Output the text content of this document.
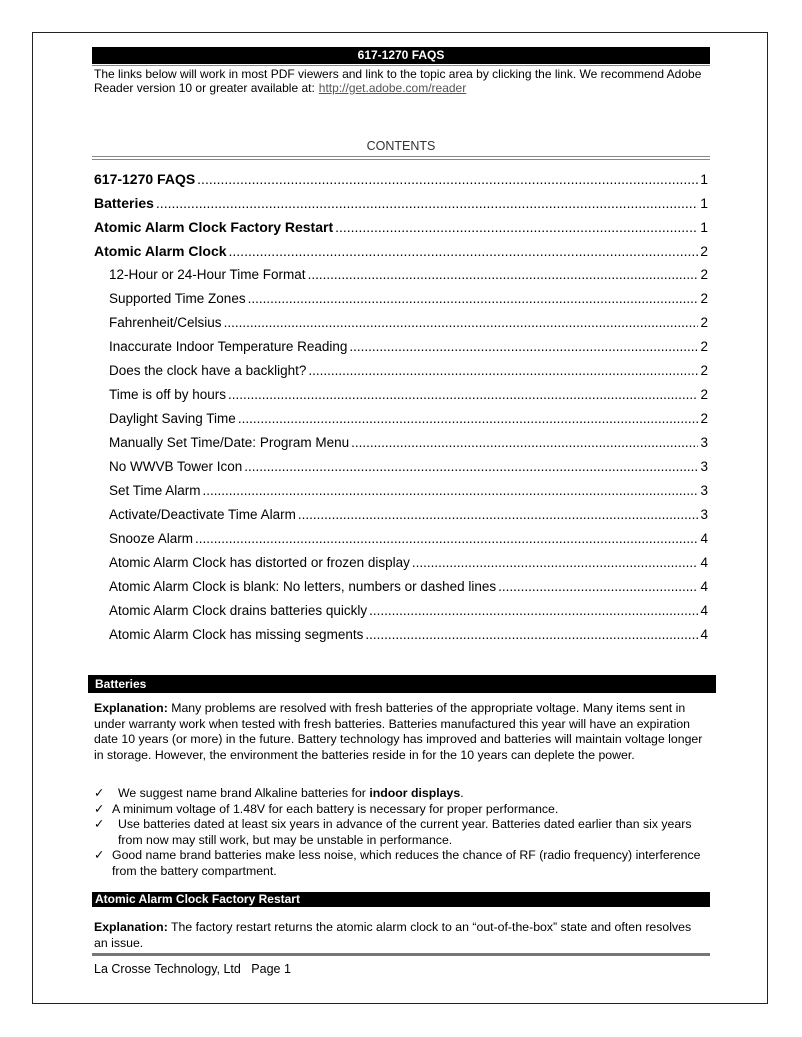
617-1270 FAQS
The links below will work in most PDF viewers and link to the topic area by clicking the link. We recommend Adobe Reader version 10 or greater available at: http://get.adobe.com/reader
CONTENTS
617-1270 FAQS .....	1
Batteries .....	1
Atomic Alarm Clock Factory Restart .....	1
Atomic Alarm Clock .....	2
12-Hour or 24-Hour Time Format .....	2
Supported Time Zones .....	2
Fahrenheit/Celsius .....	2
Inaccurate Indoor Temperature Reading .....	2
Does the clock have a backlight? .....	2
Time is off by hours .....	2
Daylight Saving Time .....	2
Manually Set Time/Date: Program Menu .....	3
No WWVB Tower Icon .....	3
Set Time Alarm .....	3
Activate/Deactivate Time Alarm .....	3
Snooze Alarm .....	4
Atomic Alarm Clock has distorted or frozen display .....	4
Atomic Alarm Clock is blank: No letters, numbers or dashed lines .....	4
Atomic Alarm Clock drains batteries quickly .....	4
Atomic Alarm Clock has missing segments .....	4
Batteries
Explanation: Many problems are resolved with fresh batteries of the appropriate voltage. Many items sent in under warranty work when tested with fresh batteries. Batteries manufactured this year will have an expiration date 10 years (or more) in the future. Battery technology has improved and batteries will maintain voltage longer in storage. However, the environment the batteries reside in for the 10 years can deplete the power.
✓ We suggest name brand Alkaline batteries for indoor displays.
✓ A minimum voltage of 1.48V for each battery is necessary for proper performance.
✓ Use batteries dated at least six years in advance of the current year. Batteries dated earlier than six years from now may still work, but may be unstable in performance.
✓ Good name brand batteries make less noise, which reduces the chance of RF (radio frequency) interference from the battery compartment.
Atomic Alarm Clock Factory Restart
Explanation: The factory restart returns the atomic alarm clock to an “out-of-the-box” state and often resolves an issue.
La Crosse Technology, Ltd Page 1
